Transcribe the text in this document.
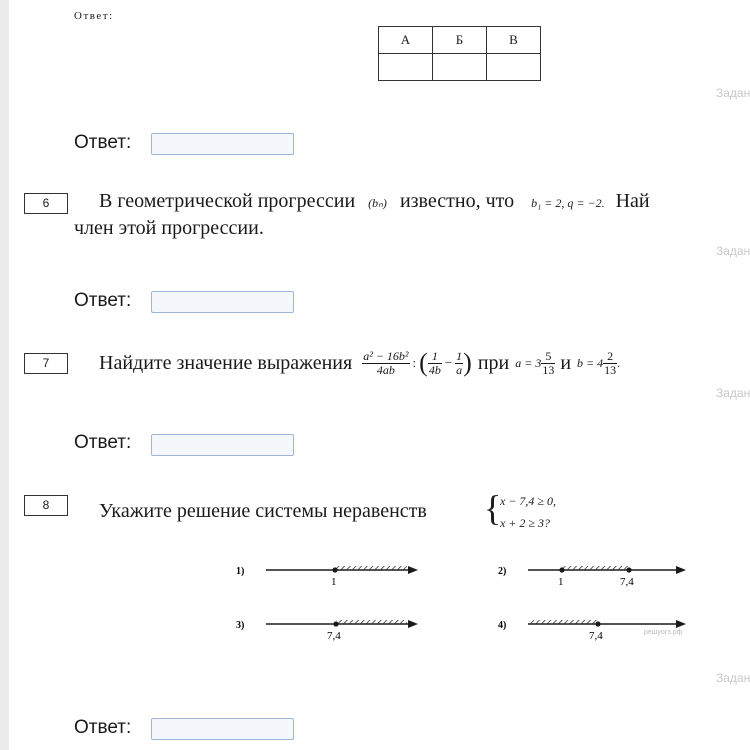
Ответ:
А	Б	В

Задан
Ответ:
6	В геометрической прогрессии (bₙ) известно, что b₁ = 2, q = −2. Най
член этой прогрессии.
Задан
Ответ:
7	Найдите значение выражения $\frac{\text{a² − 16b²}}{4ab}$ : ( $\frac{1}{4b} - \frac{1}{a}$ ) при $a = 3 \frac{5}{13}$ и $b = 4 \frac{2}{13}$ .
Задан
Ответ:
8	Укажите решение системы неравенств {
x − 7,4 ≥ 0,
x + 2 ≥ 3?
1)
1
2)
1	7,4
3)
7,4
4)
7,4	решуогэ.рф
Задан
Ответ:
